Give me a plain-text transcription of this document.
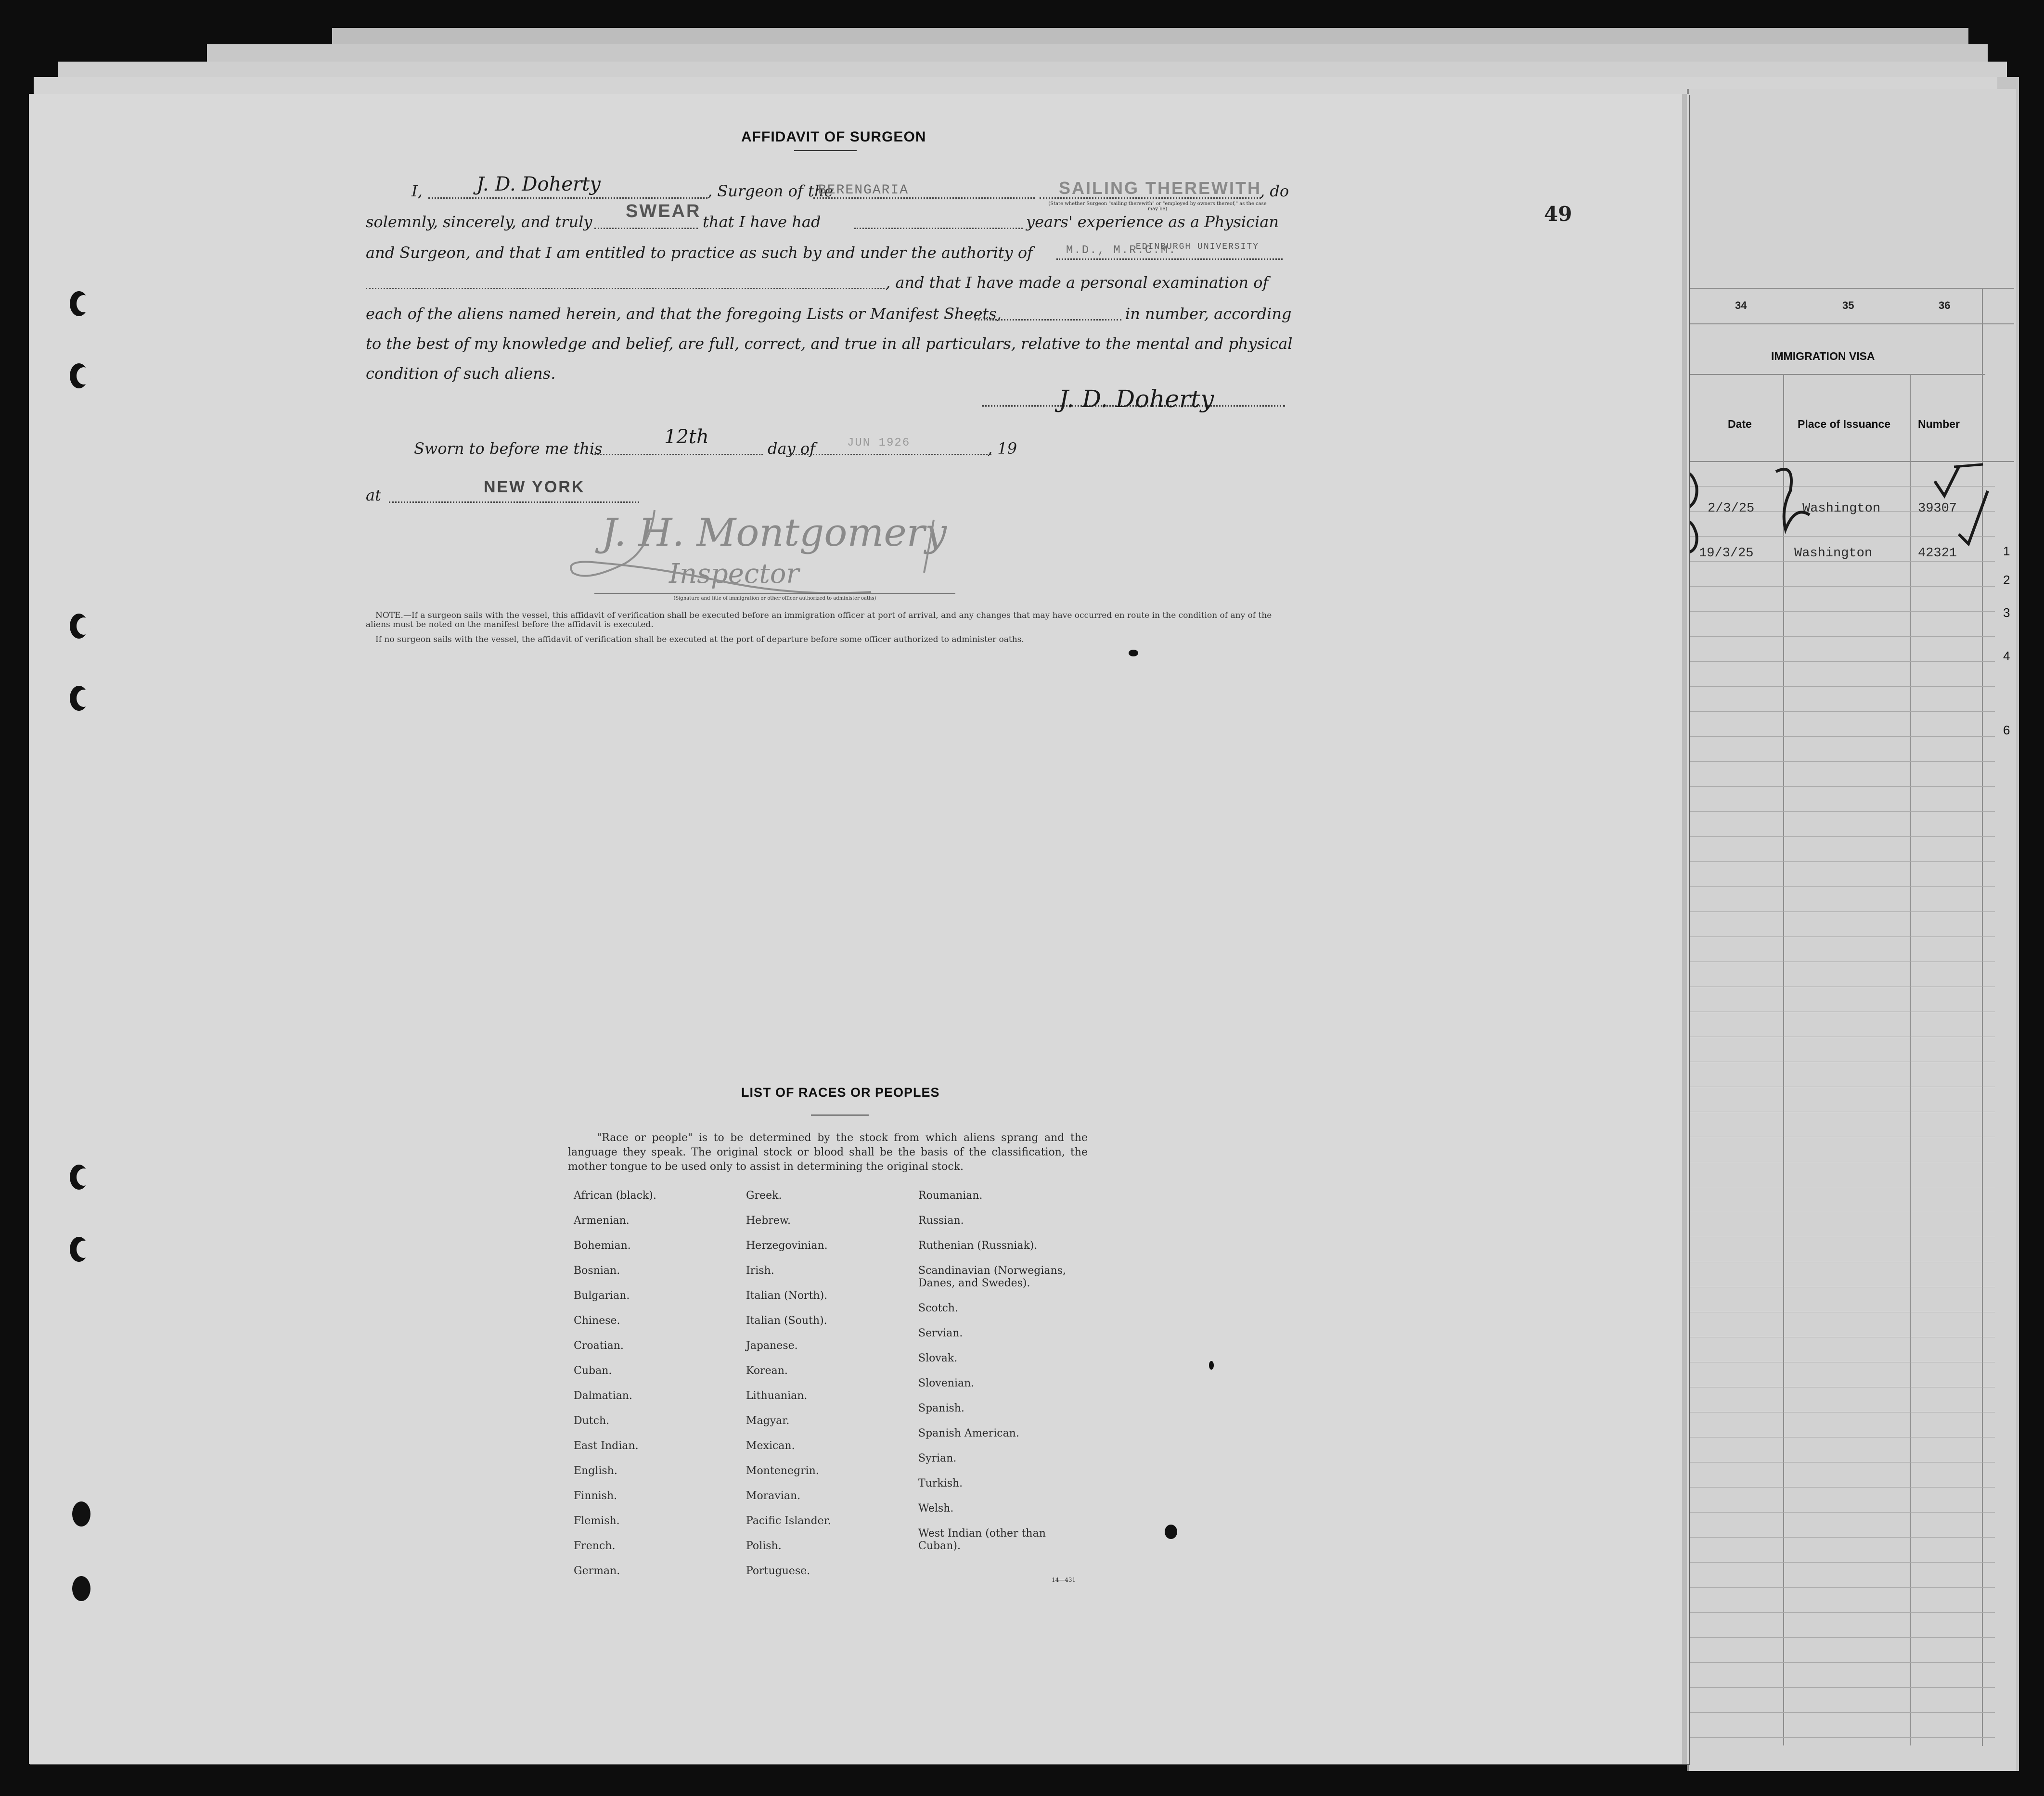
34	35	36
IMMIGRATION VISA
Date	Place of Issuance Number
2/3/25	Washington	39307
19/3/25	Washington	42321	1
2
3
4
6
49
AFFIDAVIT OF SURGEON
I,	J. D. Doherty	, Surgeon of the
BERENGARIA	SAILING THEREWITH
, do
(State whether Surgeon "sailing therewith" or "employed by owners thereof," as the case may be)
solemnly, sincerely, and truly
SWEAR
that I have had	years' experience as a Physician
and Surgeon, and that I am entitled to practice as such by and under the authority of	M.D., M.R.C.M.
EDINBURGH UNIVERSITY
, and that I have made a personal examination of
each of the aliens named herein, and that the foregoing Lists or Manifest Sheets,	in number, according
to the best of my knowledge and belief, are full, correct, and true in all particulars, relative to the mental and physical
condition of such aliens.
J. D. Doherty
Sworn to before me this
12th
day of	JUN 1926	, 19
at	NEW YORK
J. H. Montgomery
Inspector
(Signature and title of immigration or other officer authorized to administer oaths)
NOTE.—If a surgeon sails with the vessel, this affidavit of verification shall be executed before an immigration officer at port of arrival, and any changes that may have occurred en route in the condition of any of the aliens must be noted on the manifest before the affidavit is executed.
If no surgeon sails with the vessel, the affidavit of verification shall be executed at the port of departure before some officer authorized to administer oaths.
LIST OF RACES OR PEOPLES
"Race or people" is to be determined by the stock from which aliens sprang and the language they speak. The original stock or blood shall be the basis of the classification, the mother tongue to be used only to assist in determining the original stock.
African (black).
Armenian.
Bohemian.
Bosnian.
Bulgarian.
Chinese.
Croatian.
Cuban.
Dalmatian.
Dutch.
East Indian.
English.
Finnish.
Flemish.
French.
German.
Greek.
Hebrew.
Herzegovinian.
Irish.
Italian (North).
Italian (South).
Japanese.
Korean.
Lithuanian.
Magyar.
Mexican.
Montenegrin.
Moravian.
Pacific Islander.
Polish.
Portuguese.
Roumanian.
Russian.
Ruthenian (Russniak).
Scandinavian (Norwegians,
Danes, and Swedes).
Scotch.
Servian.
Slovak.
Slovenian.
Spanish.
Spanish American.
Syrian.
Turkish.
Welsh.
West Indian (other than
Cuban).
14—431
